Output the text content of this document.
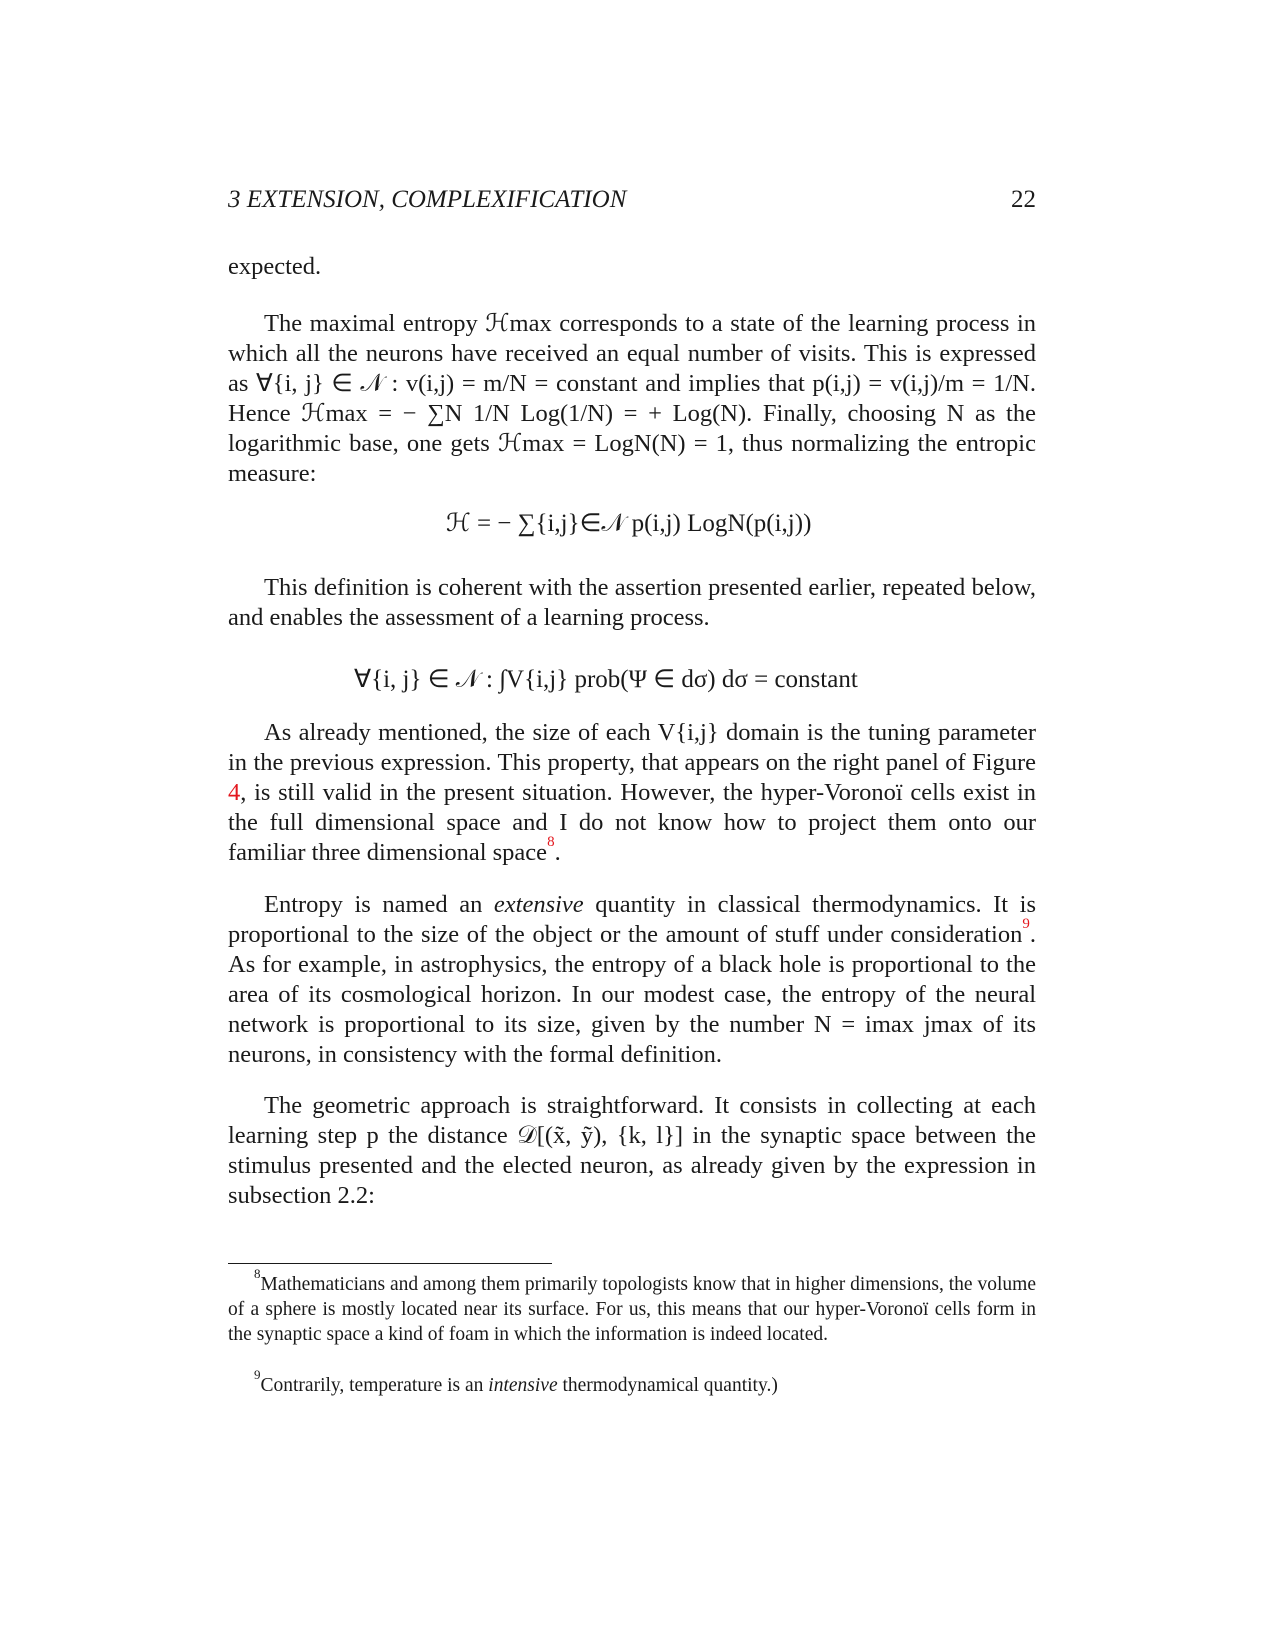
3 EXTENSION, COMPLEXIFICATION	22

expected.

The maximal entropy ℋmax corresponds to a state of the learning process in which all the neurons have received an equal number of visits. This is expressed as ∀{i, j} ∈ 𝒩 : v(i,j) = m/N = constant and implies that p(i,j) = v(i,j)/m = 1/N. Hence ℋmax = − ∑N 1/N Log(1/N) = + Log(N). Finally, choosing N as the logarithmic base, one gets ℋmax = LogN(N) = 1, thus normalizing the entropic measure:

ℋ = − ∑{i,j}∈𝒩 p(i,j) LogN(p(i,j))

This definition is coherent with the assertion presented earlier, repeated below, and enables the assessment of a learning process.

∀{i, j} ∈ 𝒩 : ∫V{i,j} prob(Ψ ∈ dσ) dσ = constant

As already mentioned, the size of each V{i,j} domain is the tuning parameter in the previous expression. This property, that appears on the right panel of Figure 4, is still valid in the present situation. However, the hyper-Voronoï cells exist in the full dimensional space and I do not know how to project them onto our familiar three dimensional space$^8$.

Entropy is named an extensive quantity in classical thermodynamics. It is proportional to the size of the object or the amount of stuff under consideration$^9$. As for example, in astrophysics, the entropy of a black hole is proportional to the area of its cosmological horizon. In our modest case, the entropy of the neural network is proportional to its size, given by the number N = imax jmax of its neurons, in consistency with the formal definition.

The geometric approach is straightforward. It consists in collecting at each learning step p the distance 𝒟[(x̃, ỹ), {k, l}] in the synaptic space between the stimulus presented and the elected neuron, as already given by the expression in subsection 2.2:

$^8$Mathematicians and among them primarily topologists know that in higher dimensions, the volume of a sphere is mostly located near its surface. For us, this means that our hyper-Voronoï cells form in the synaptic space a kind of foam in which the information is indeed located.

$^9$Contrarily, temperature is an intensive thermodynamical quantity.)
